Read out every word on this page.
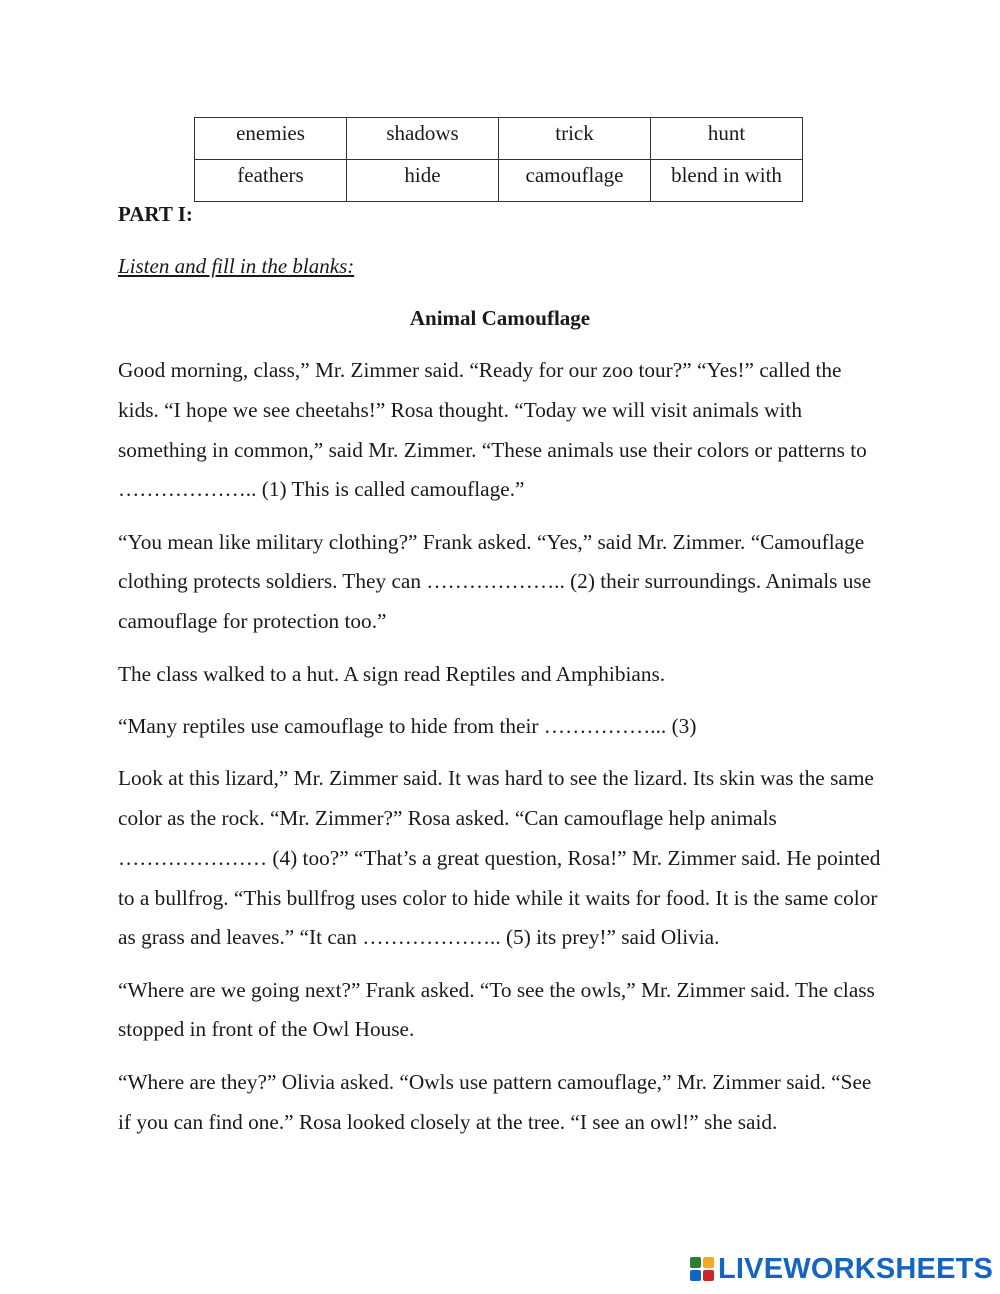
enemies	shadows	trick	hunt
feathers	hide	camouflage	blend in with
PART I:
Listen and fill in the blanks:
Animal Camouflage

Good morning, class,” Mr. Zimmer said. “Ready for our zoo tour?” “Yes!” called the kids. “I hope we see cheetahs!” Rosa thought. “Today we will visit animals with something in common,” said Mr. Zimmer. “These animals use their colors or patterns to ……………….. (1) This is called camouflage.”

“You mean like military clothing?” Frank asked. “Yes,” said Mr. Zimmer. “Camouflage clothing protects soldiers. They can ……………….. (2) their surroundings. Animals use camouflage for protection too.”

The class walked to a hut. A sign read Reptiles and Amphibians.

“Many reptiles use camouflage to hide from their ……………... (3)

Look at this lizard,” Mr. Zimmer said. It was hard to see the lizard. Its skin was the same color as the rock. “Mr. Zimmer?” Rosa asked. “Can camouflage help animals ………………… (4) too?” “That’s a great question, Rosa!” Mr. Zimmer said. He pointed to a bullfrog. “This bullfrog uses color to hide while it waits for food. It is the same color as grass and leaves.” “It can ……………….. (5) its prey!” said Olivia.

“Where are we going next?” Frank asked. “To see the owls,” Mr. Zimmer said. The class stopped in front of the Owl House.

“Where are they?” Olivia asked. “Owls use pattern camouflage,” Mr. Zimmer said. “See if you can find one.” Rosa looked closely at the tree. “I see an owl!” she said.

LIVEWORKSHEETS
